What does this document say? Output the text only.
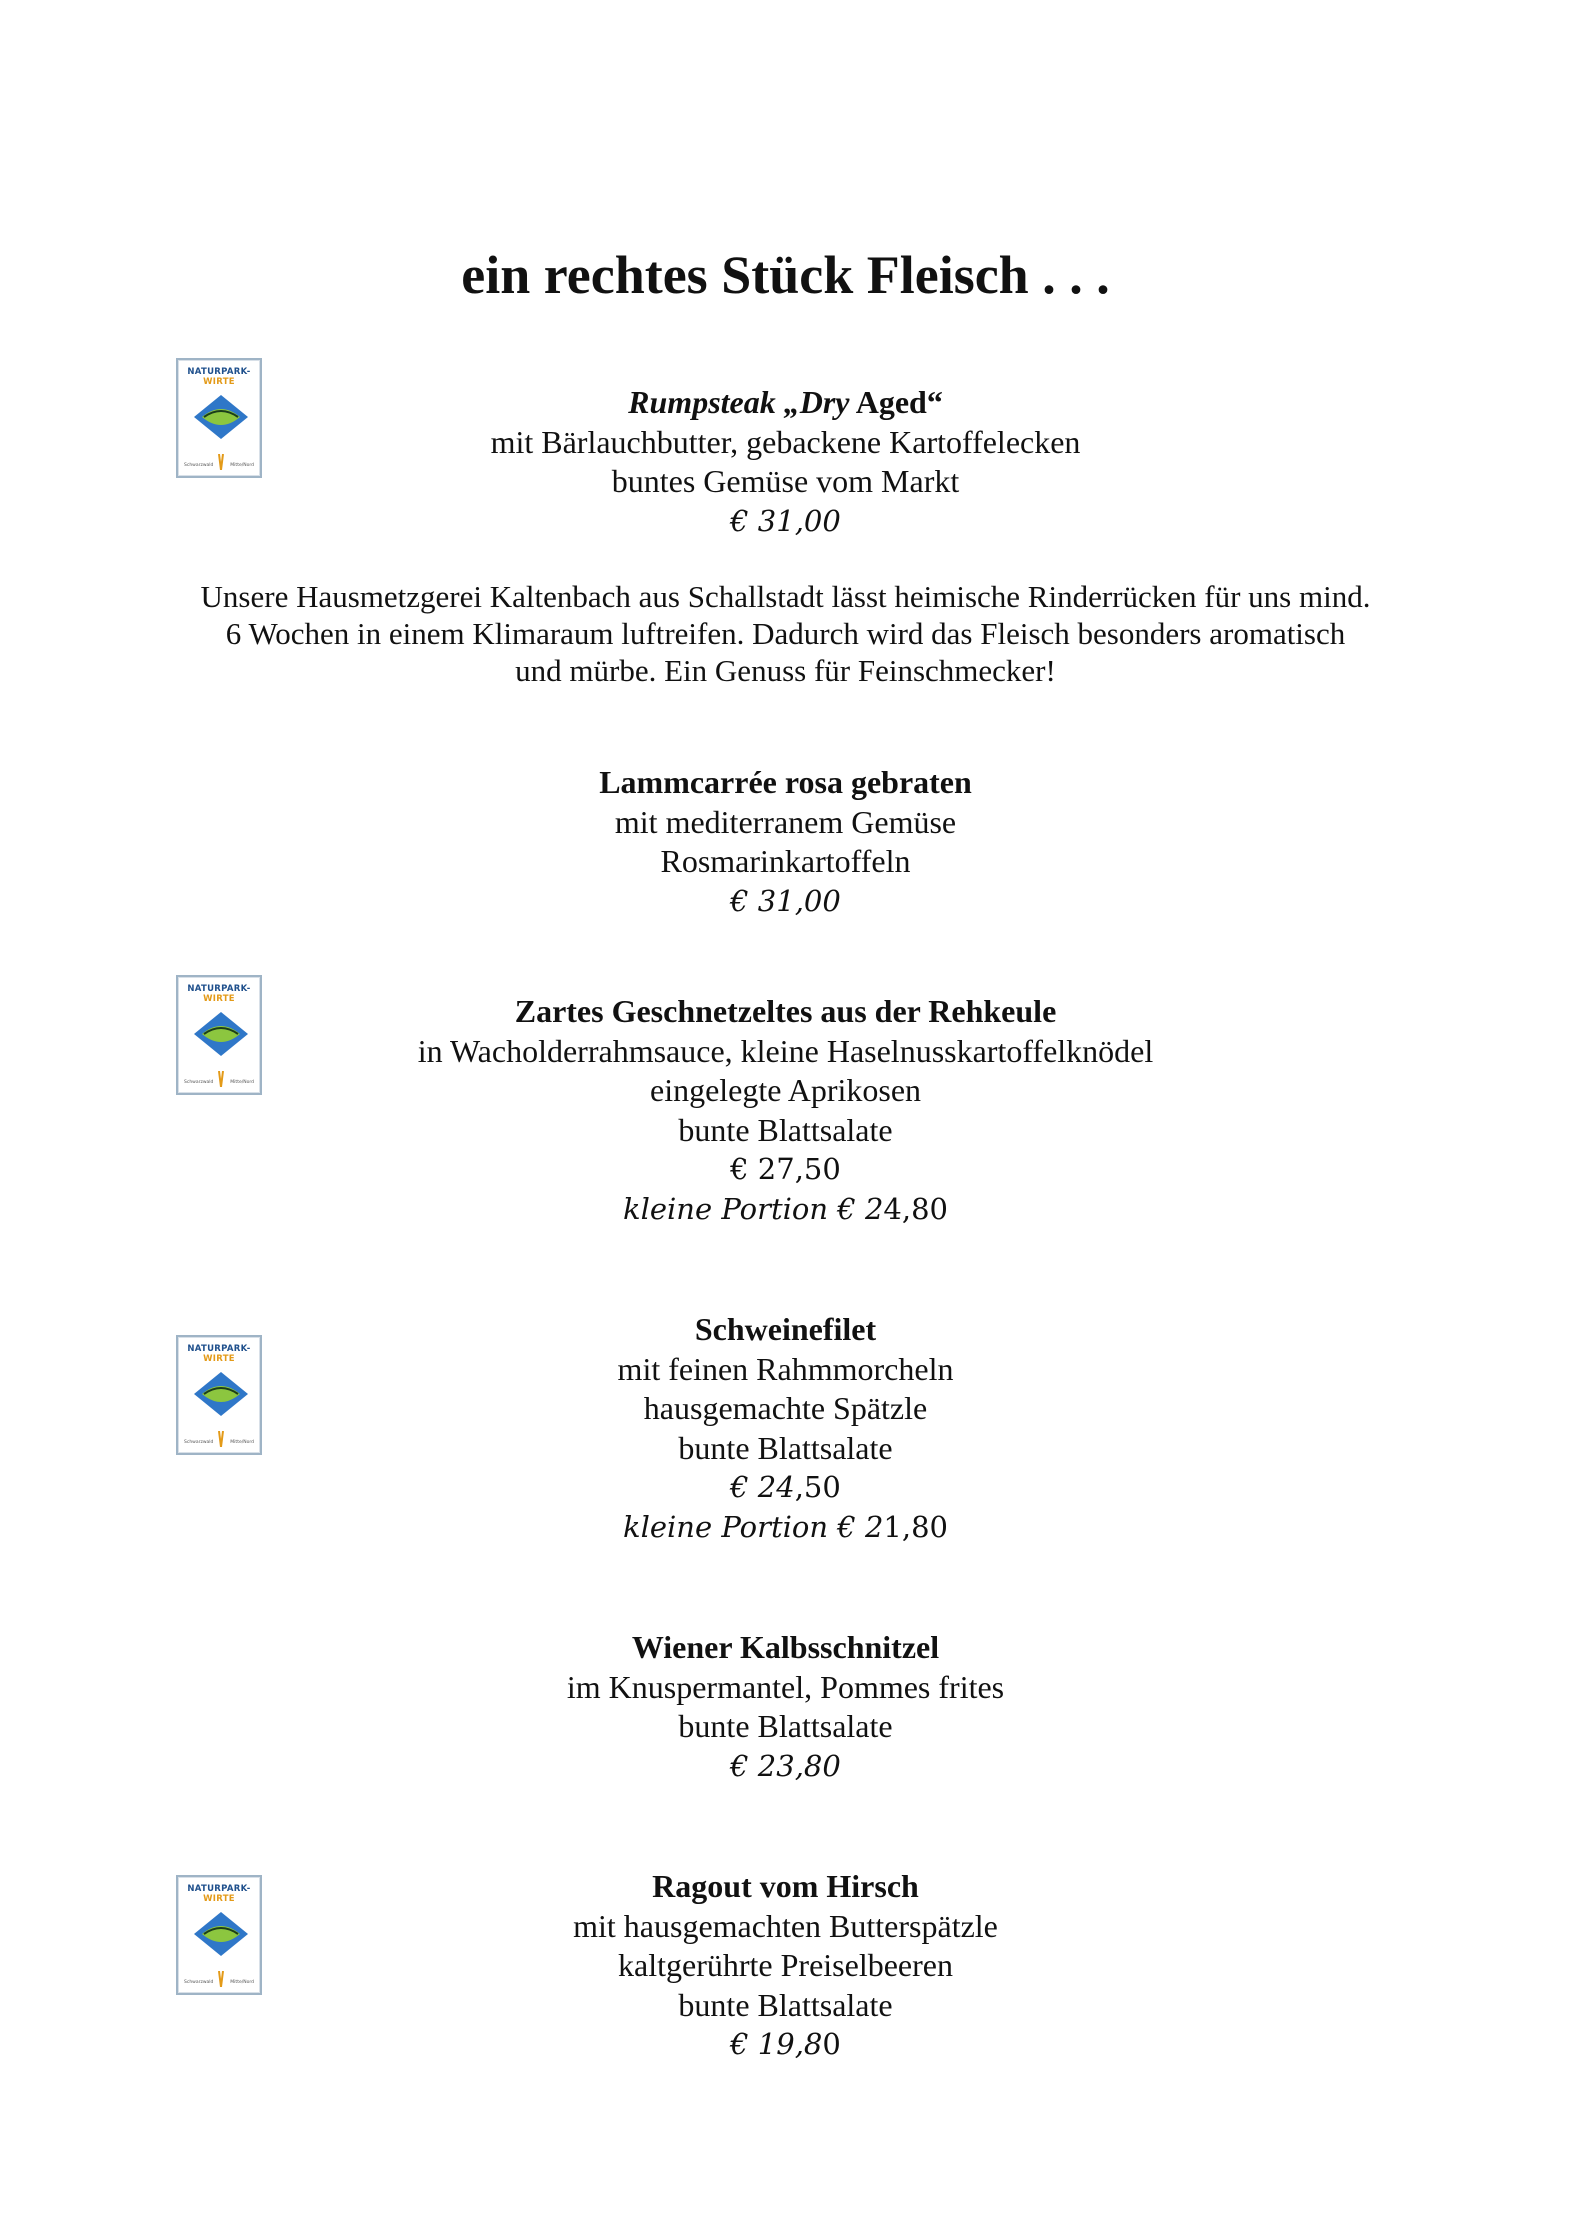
ein rechtes Stück Fleisch . . .
NATURPARK-
WIRTE
Schwarzwald	Mitte/Nord
Rumpsteak „Dry Aged“
mit Bärlauchbutter, gebackene Kartoffelecken
buntes Gemüse vom Markt
€ 31,00
Unsere Hausmetzgerei Kaltenbach aus Schallstadt lässt heimische Rinderrücken für uns mind. 6 Wochen in einem Klimaraum luftreifen. Dadurch wird das Fleisch besonders aromatisch und mürbe. Ein Genuss für Feinschmecker!
Lammcarrée rosa gebraten
mit mediterranem Gemüse
Rosmarinkartoffeln
€ 31,00
NATURPARK-
WIRTE
Schwarzwald	Mitte/Nord
Zartes Geschnetzeltes aus der Rehkeule
in Wacholderrahmsauce, kleine Haselnusskartoffelknödel
eingelegte Aprikosen
bunte Blattsalate
€ 27,50
kleine Portion € 24,80
NATURPARK-
WIRTE
Schwarzwald	Mitte/Nord
Schweinefilet
mit feinen Rahmmorcheln
hausgemachte Spätzle
bunte Blattsalate
€ 24,50
kleine Portion € 21,80
Wiener Kalbsschnitzel
im Knuspermantel, Pommes frites
bunte Blattsalate
€ 23,80
NATURPARK-
WIRTE
Schwarzwald	Mitte/Nord
Ragout vom Hirsch
mit hausgemachten Butterspätzle
kaltgerührte Preiselbeeren
bunte Blattsalate
€ 19,80
